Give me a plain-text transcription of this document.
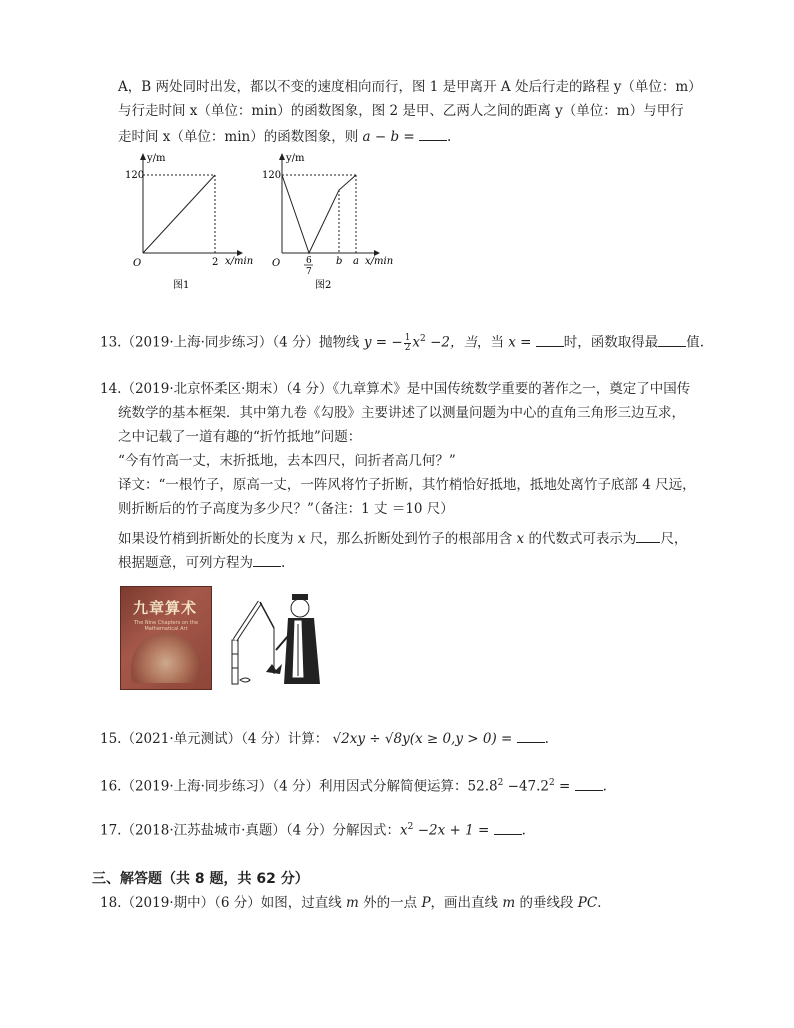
A，B 两处同时出发，都以不变的速度相向而行，图 1 是甲离开 A 处后行走的路程 y（单位：m）
与行走时间 x（单位：min）的函数图象，图 2 是甲、乙两人之间的距离 y（单位：m）与甲行
走时间 x（单位：min）的函数图象，则 a − b = .
y/m
120
O	2 x/min
图1
y/m
120
O	6
7
b a x/min
图2
13.（2019·上海·同步练习）（4 分）抛物线 y = − $\frac{1}{2} x^2 -2$，当，当 x = 时，函数取得最 值.
14.（2019·北京怀柔区·期末）（4 分）《九章算术》是中国传统数学重要的著作之一，奠定了中国传
统数学的基本框架．其中第九卷《勾股》主要讲述了以测量问题为中心的直角三角形三边互求，
之中记载了一道有趣的“折竹抵地”问题：
“今有竹高一丈，末折抵地，去本四尺，问折者高几何？”
译文：“一根竹子，原高一丈，一阵风将竹子折断，其竹梢恰好抵地，抵地处离竹子底部 4 尺远，
则折断后的竹子高度为多少尺？”（备注：1 丈 ＝10 尺）
如果设竹梢到折断处的长度为 x 尺，那么折断处到竹子的根部用含 x 的代数式可表示为 尺，
根据题意，可列方程为 .
九章算术
The Nine Chapters on the Mathematical Art
15.（2021·单元测试）（4 分）计算： √2xy ÷ √8y(x ≥ 0,y > 0) = .
16.（2019·上海·同步练习）（4 分）利用因式分解简便运算：$52.8^2 -47.2^2$ = .
17.（2018·江苏盐城市·真题）（4 分）分解因式：$x^2 -2x + 1$ = .
三、解答题（共 8 题，共 62 分）
18.（2019·期中）（6 分）如图，过直线 m 外的一点 P，画出直线 m 的垂线段 PC.
